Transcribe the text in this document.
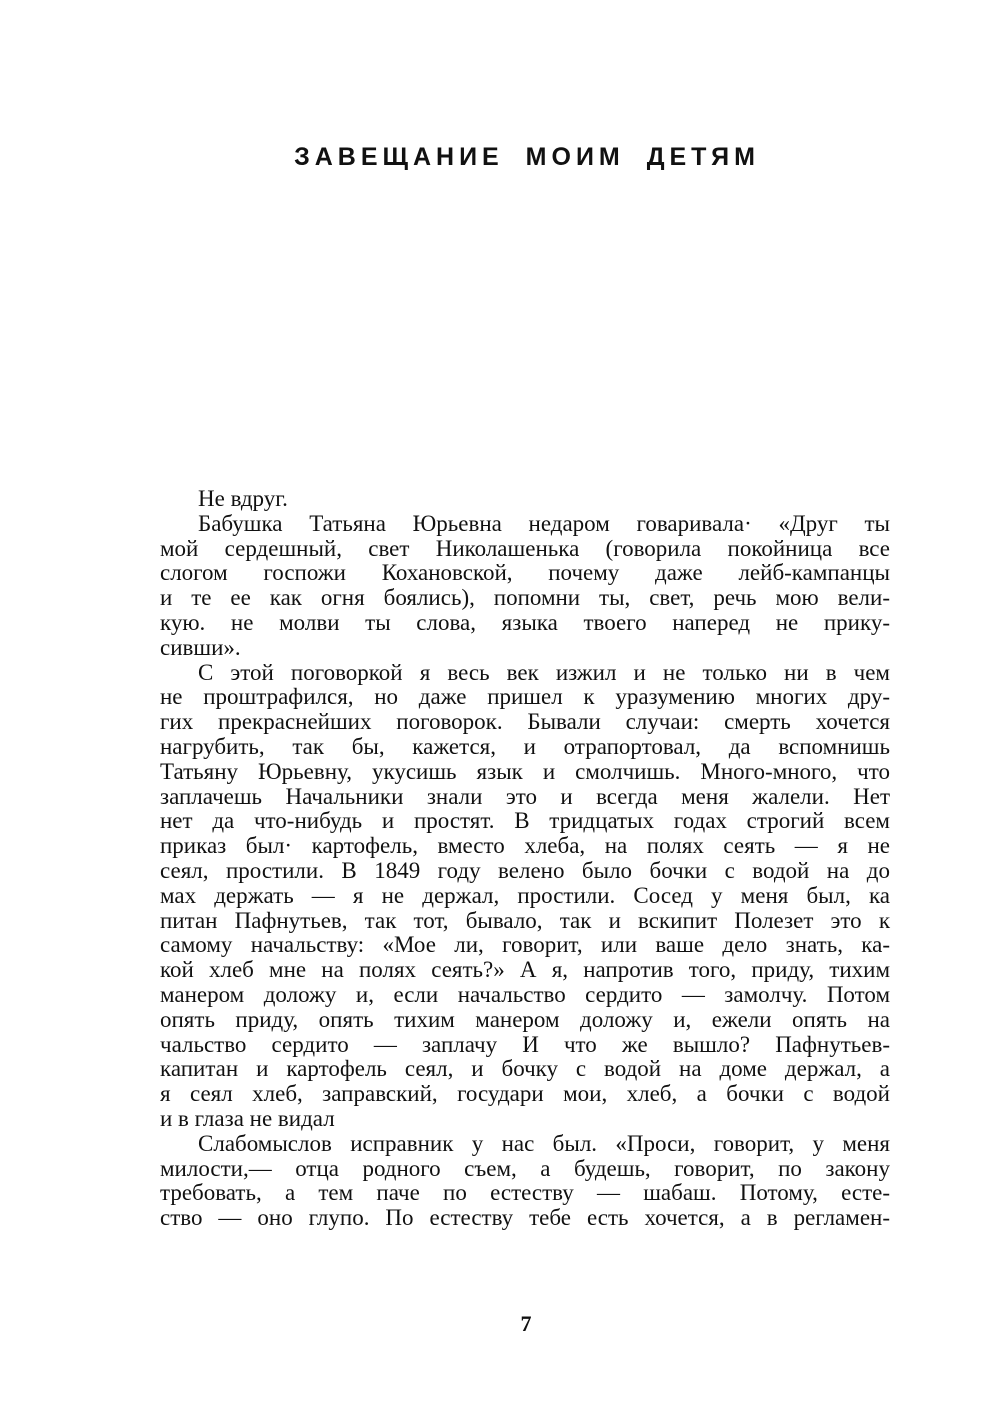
ЗАВЕЩАНИЕ МОИМ ДЕТЯМ
Не вдруг.
Бабушка Татьяна Юрьевна недаром говаривала· «Друг ты
мой сердешный, свет Николашенька (говорила покойница все
слогом госпожи Кохановской, почему даже лейб-кампанцы
и те ее как огня боялись), попомни ты, свет, речь мою вели-
кую. не молви ты слова, языка твоего наперед не прику-
сивши».
С этой поговоркой я весь век изжил и не только ни в чем
не проштрафился, но даже пришел к уразумению многих дру-
гих прекраснейших поговорок. Бывали случаи: смерть хочется
нагрубить, так бы, кажется, и отрапортовал, да вспомнишь
Татьяну Юрьевну, укусишь язык и смолчишь. Много-много, что
заплачешь Начальники знали это и всегда меня жалели. Нет
нет да что-нибудь и простят. В тридцатых годах строгий всем
приказ был· картофель, вместо хлеба, на полях сеять — я не
сеял, простили. В 1849 году велено было бочки с водой на до
мах держать — я не держал, простили. Сосед у меня был, ка
питан Пафнутьев, так тот, бывало, так и вскипит Полезет это к
самому начальству: «Мое ли, говорит, или ваше дело знать, ка-
кой хлеб мне на полях сеять?» А я, напротив того, приду, тихим
манером доложу и, если начальство сердито — замолчу. Потом
опять приду, опять тихим манером доложу и, ежели опять на
чальство сердито — заплачу И что же вышло? Пафнутьев-
капитан и картофель сеял, и бочку с водой на доме держал, а
я сеял хлеб, заправский, государи мои, хлеб, а бочки с водой
и в глаза не видал
Слабомыслов исправник у нас был. «Проси, говорит, у меня
милости,— отца родного съем, а будешь, говорит, по закону
требовать, а тем паче по естеству — шабаш. Потому, есте-
ство — оно глупо. По естеству тебе есть хочется, а в регламен-
7
